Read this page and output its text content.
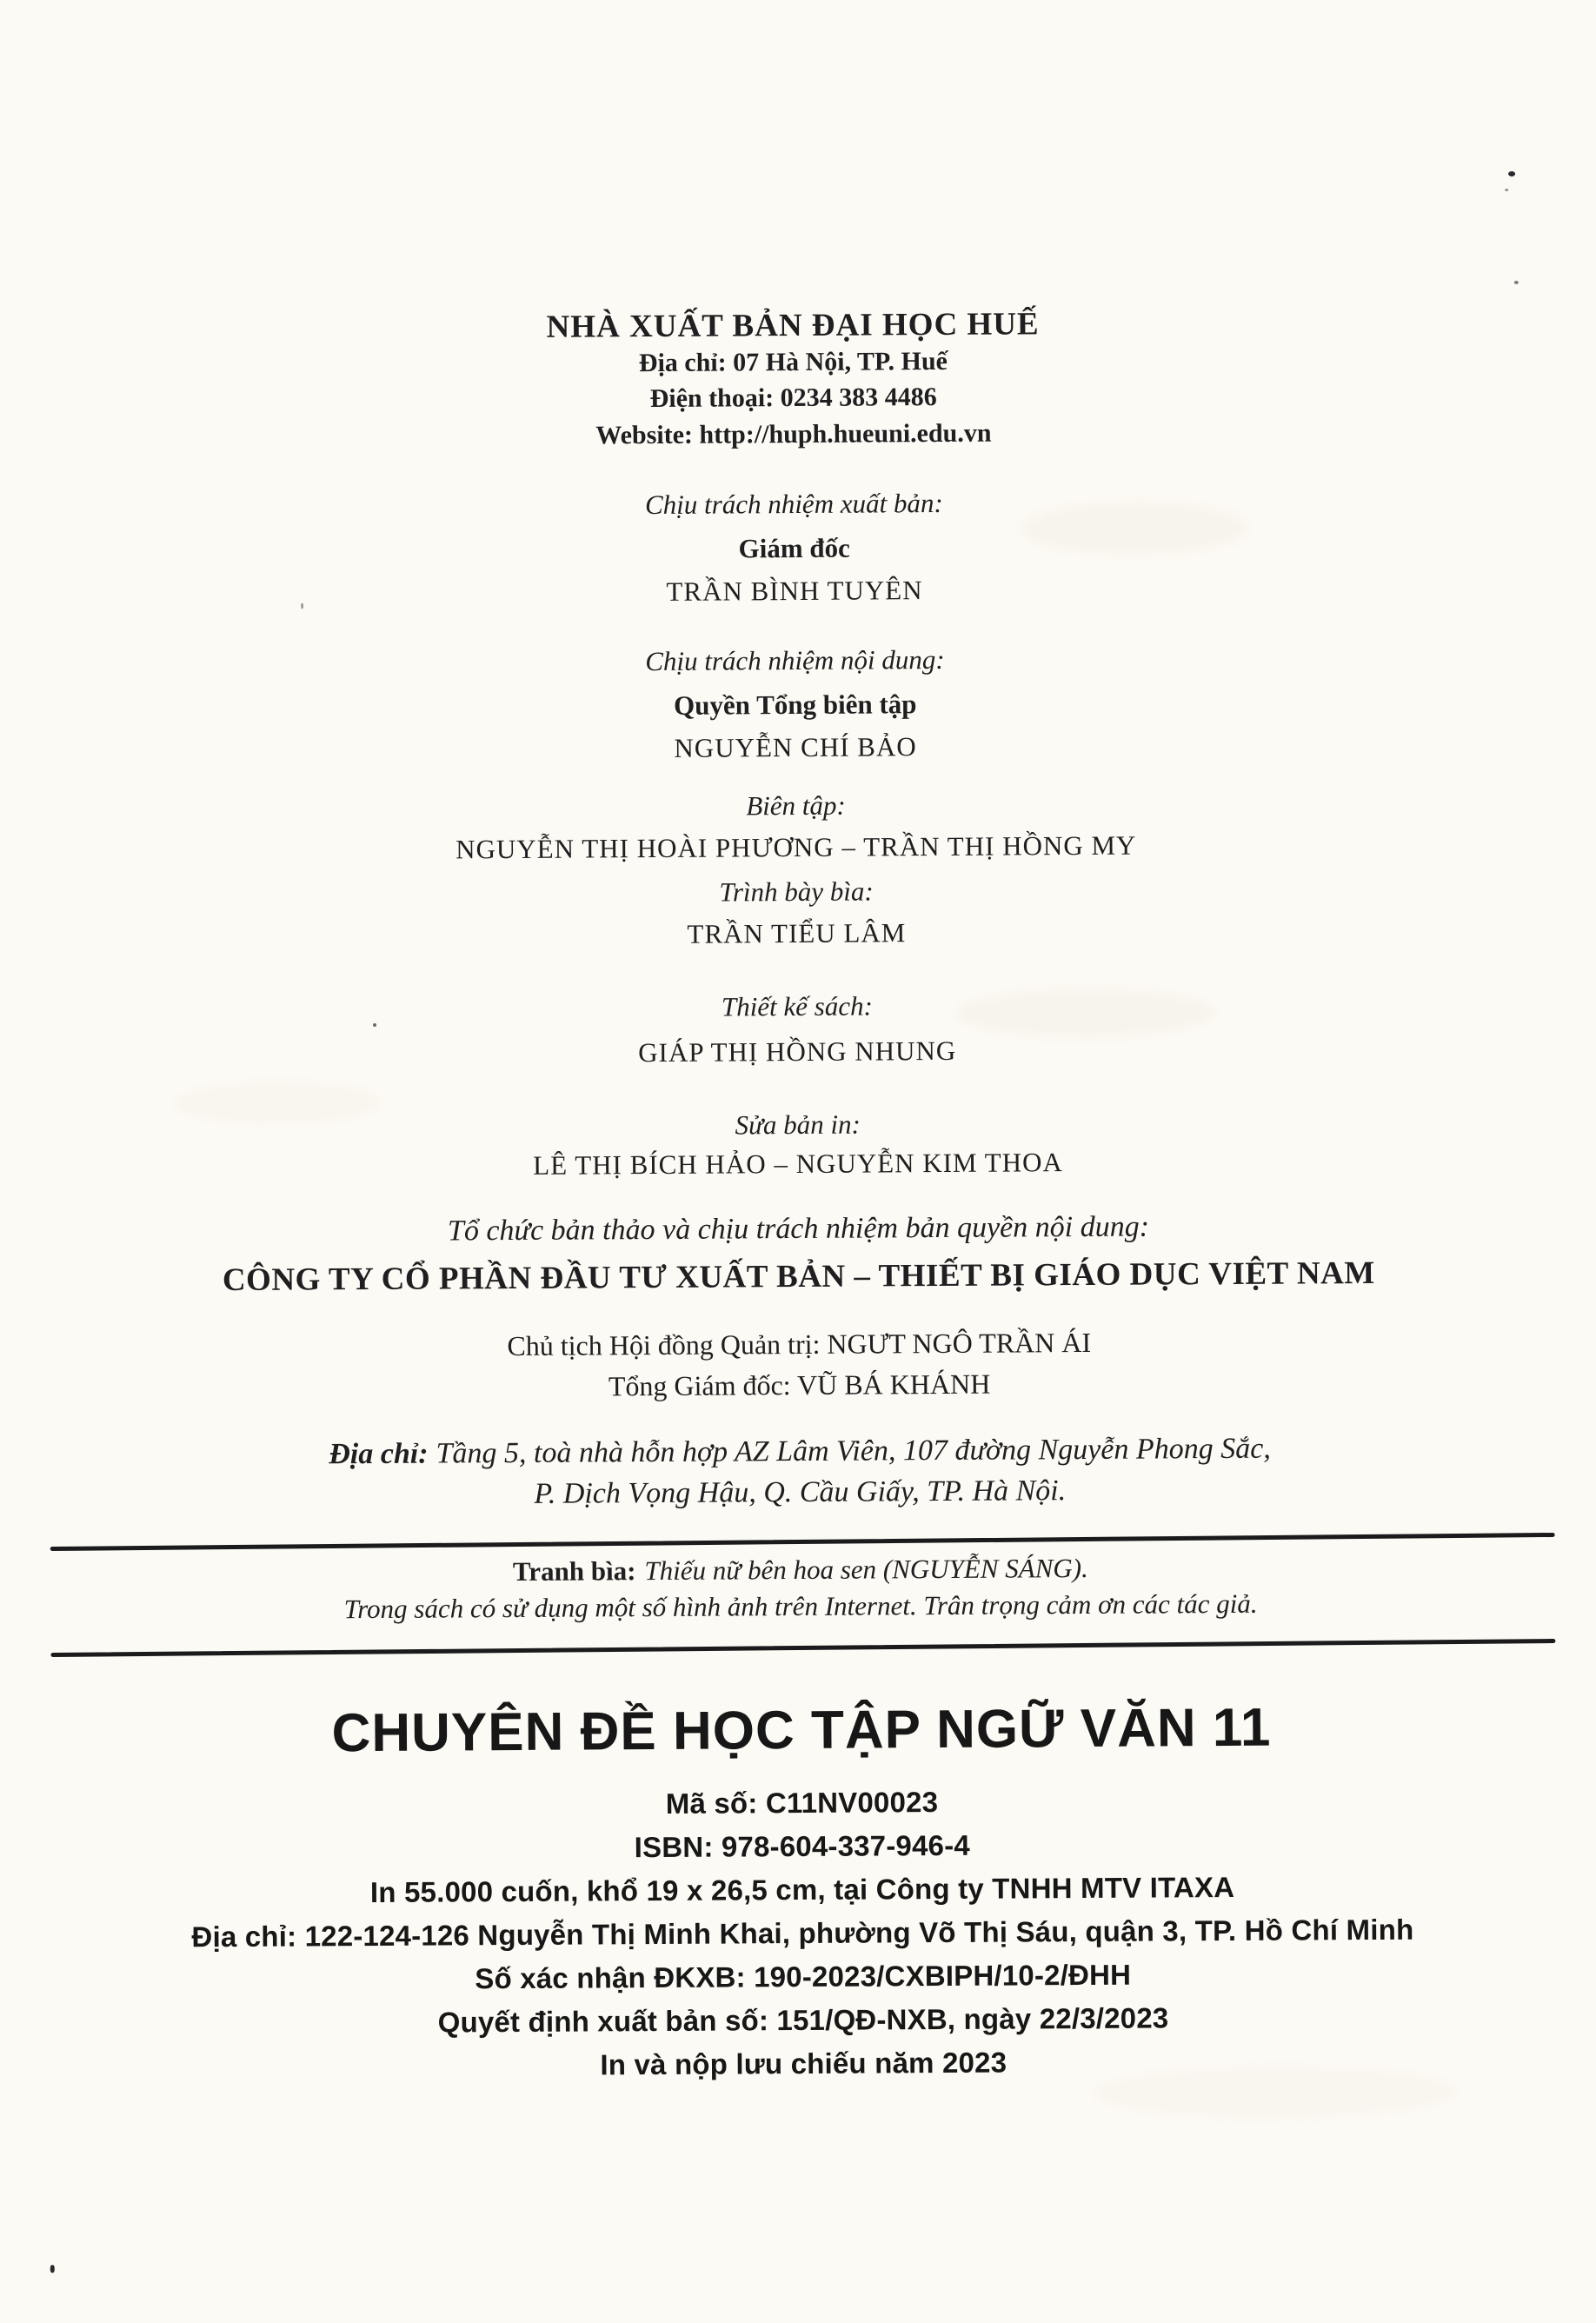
NHÀ XUẤT BẢN ĐẠI HỌC HUẾ
Địa chỉ: 07 Hà Nội, TP. Huế
Điện thoại: 0234 383 4486
Website: http://huph.hueuni.edu.vn
Chịu trách nhiệm xuất bản:
Giám đốc
TRẦN BÌNH TUYÊN
Chịu trách nhiệm nội dung:
Quyền Tổng biên tập
NGUYỄN CHÍ BẢO
Biên tập:
NGUYỄN THỊ HOÀI PHƯƠNG – TRẦN THỊ HỒNG MY
Trình bày bìa:
TRẦN TIỂU LÂM
Thiết kế sách:
GIÁP THỊ HỒNG NHUNG
Sửa bản in:
LÊ THỊ BÍCH HẢO – NGUYỄN KIM THOA
Tổ chức bản thảo và chịu trách nhiệm bản quyền nội dung:
CÔNG TY CỔ PHẦN ĐẦU TƯ XUẤT BẢN – THIẾT BỊ GIÁO DỤC VIỆT NAM
Chủ tịch Hội đồng Quản trị: NGƯT NGÔ TRẦN ÁI
Tổng Giám đốc: VŨ BÁ KHÁNH
Địa chỉ: Tầng 5, toà nhà hỗn hợp AZ Lâm Viên, 107 đường Nguyễn Phong Sắc,
P. Dịch Vọng Hậu, Q. Cầu Giấy, TP. Hà Nội.
Tranh bìa: Thiếu nữ bên hoa sen (NGUYỄN SÁNG).
Trong sách có sử dụng một số hình ảnh trên Internet. Trân trọng cảm ơn các tác giả.
CHUYÊN ĐỀ HỌC TẬP NGỮ VĂN 11
Mã số: C11NV00023
ISBN: 978-604-337-946-4
In 55.000 cuốn, khổ 19 x 26,5 cm, tại Công ty TNHH MTV ITAXA
Địa chỉ: 122-124-126 Nguyễn Thị Minh Khai, phường Võ Thị Sáu, quận 3, TP. Hồ Chí Minh
Số xác nhận ĐKXB: 190-2023/CXBIPH/10-2/ĐHH
Quyết định xuất bản số: 151/QĐ-NXB, ngày 22/3/2023
In và nộp lưu chiếu năm 2023
